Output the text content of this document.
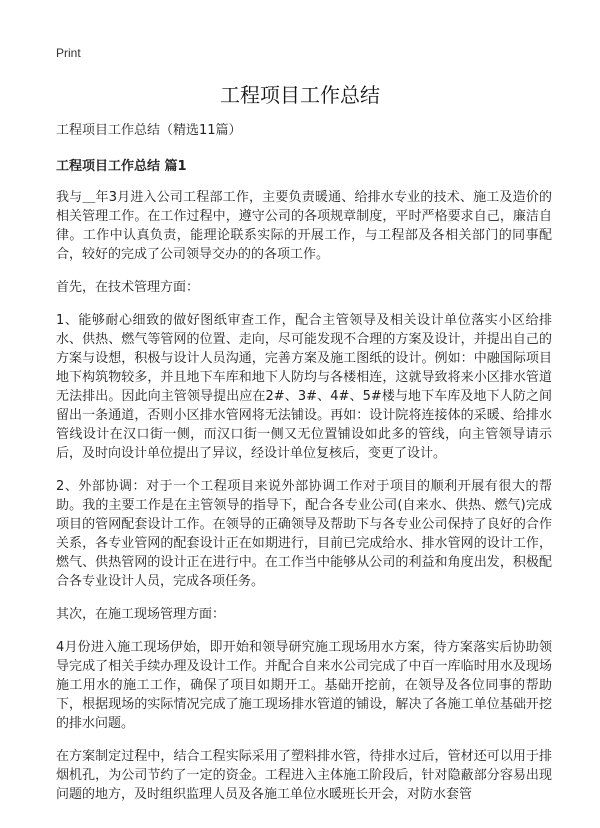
Print
工程项目工作总结

工程项目工作总结（精选11篇）

工程项目工作总结 篇1

我与＿年3月进入公司工程部工作，主要负责暖通、给排水专业的技术、施工及造价的相关管理工作。在工作过程中，遵守公司的各项规章制度，平时严格要求自己，廉洁自律。工作中认真负责，能理论联系实际的开展工作，与工程部及各相关部门的同事配合，较好的完成了公司领导交办的的各项工作。

首先，在技术管理方面：

1、能够耐心细致的做好图纸审查工作，配合主管领导及相关设计单位落实小区给排水、供热、燃气等管网的位置、走向，尽可能发现不合理的方案及设计，并提出自己的方案与设想，积极与设计人员沟通，完善方案及施工图纸的设计。例如：中融国际项目地下构筑物较多，并且地下车库和地下人防均与各楼相连，这就导致将来小区排水管道无法排出。因此向主管领导提出应在2#、3#、4#、5#楼与地下车库及地下人防之间留出一条通道，否则小区排水管网将无法铺设。再如：设计院将连接体的采暖、给排水管线设计在汉口街一侧，而汉口街一侧又无位置铺设如此多的管线，向主管领导请示后，及时向设计单位提出了异议，经设计单位复核后，变更了设计。

2、外部协调：对于一个工程项目来说外部协调工作对于项目的顺利开展有很大的帮助。我的主要工作是在主管领导的指导下，配合各专业公司(自来水、供热、燃气)完成项目的管网配套设计工作。在领导的正确领导及帮助下与各专业公司保持了良好的合作关系，各专业管网的配套设计正在如期进行，目前已完成给水、排水管网的设计工作，燃气、供热管网的设计正在进行中。在工作当中能够从公司的利益和角度出发，积极配合各专业设计人员，完成各项任务。

其次，在施工现场管理方面：

4月份进入施工现场伊始，即开始和领导研究施工现场用水方案，待方案落实后协助领导完成了相关手续办理及设计工作。并配合自来水公司完成了中百一库临时用水及现场施工用水的施工工作，确保了项目如期开工。基础开挖前，在领导及各位同事的帮助下，根据现场的实际情况完成了施工现场排水管道的铺设，解决了各施工单位基础开挖的排水问题。

在方案制定过程中，结合工程实际采用了塑料排水管，待排水过后，管材还可以用于排烟机孔，为公司节约了一定的资金。工程进入主体施工阶段后，针对隐蔽部分容易出现问题的地方，及时组织监理人员及各施工单位水暖班长开会，对防水套管
